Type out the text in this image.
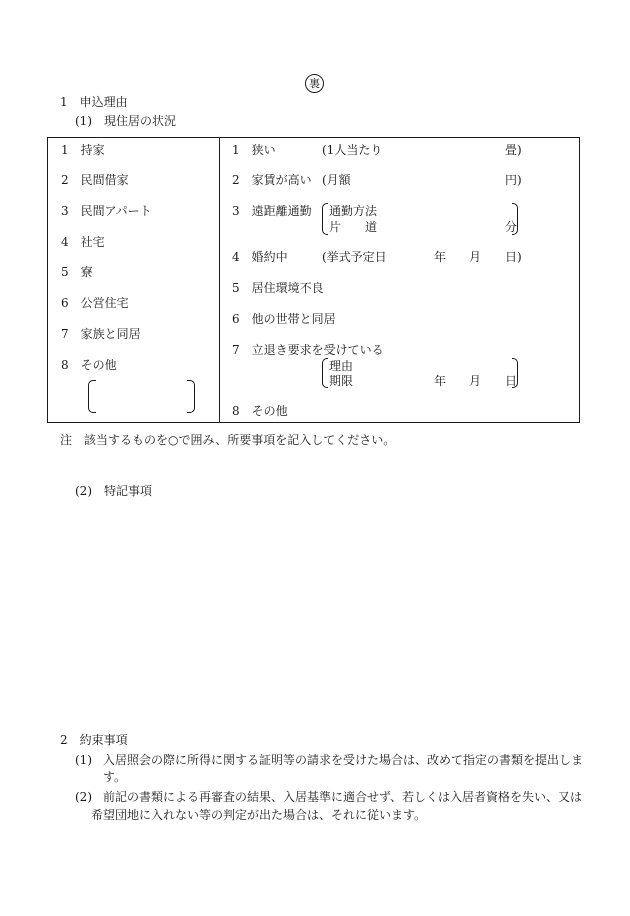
裏
1　申込理由
(1)　現住居の状況
1　持家
2　民間借家
3　民間アパート
4　社宅
5　寮
6　公営住宅
7　家族と同居
8　その他
1　狭い	(1人当たり	畳)
2　家賃が高い (月額	円)
3　遠距離通勤 通勤方法
片　　道	分
4　婚約中	(挙式予定日	年 月 日)
5　居住環境不良
6　他の世帯と同居
7　立退き要求を受けている
理由
期限	年 月 日
8　その他
注　該当するものを○で囲み、所要事項を記入してください。
(2)　特記事項
2　約束事項
(1) 入居照会の際に所得に関する証明等の請求を受けた場合は、改めて指定の書類を提出しま
す。
(2) 前記の書類による再審査の結果、入居基準に適合せず、若しくは入居者資格を失い、又は
希望団地に入れない等の判定が出た場合は、それに従います。
